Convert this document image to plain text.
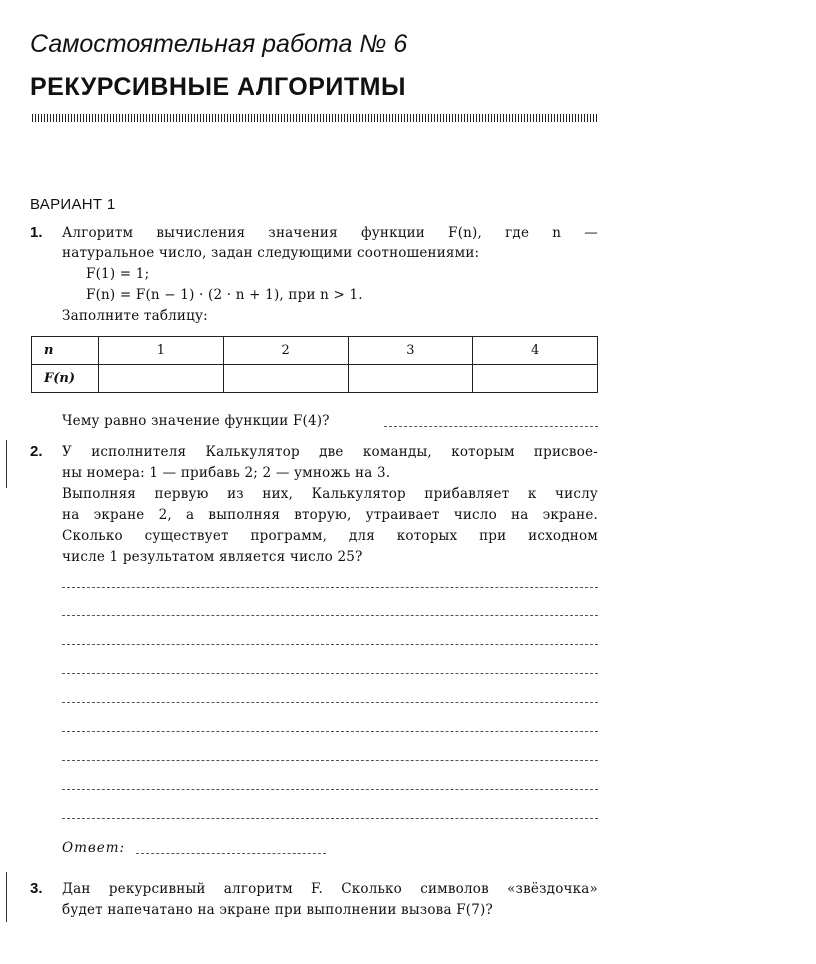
Самостоятельная работа № 6
РЕКУРСИВНЫЕ АЛГОРИТМЫ
ВАРИАНТ 1
1. Алгоритм вычисления значения функции F(n), где n —
натуральное число, задан следующими соотношениями:
F(1) = 1;
F(n) = F(n − 1) · (2 · n + 1), при n > 1.
Заполните таблицу:
n	1	2	3	4
F(n)				
Чему равно значение функции F(4)?
2. У исполнителя Калькулятор две команды, которым присвое-
ны номера: 1 — прибавь 2; 2 — умножь на 3.
Выполняя первую из них, Калькулятор прибавляет к числу
на экране 2, а выполняя вторую, утраивает число на экране.
Сколько существует программ, для которых при исходном
числе 1 результатом является число 25?
Ответ:
3. Дан рекурсивный алгоритм F. Сколько символов «звёздочка»
будет напечатано на экране при выполнении вызова F(7)?
